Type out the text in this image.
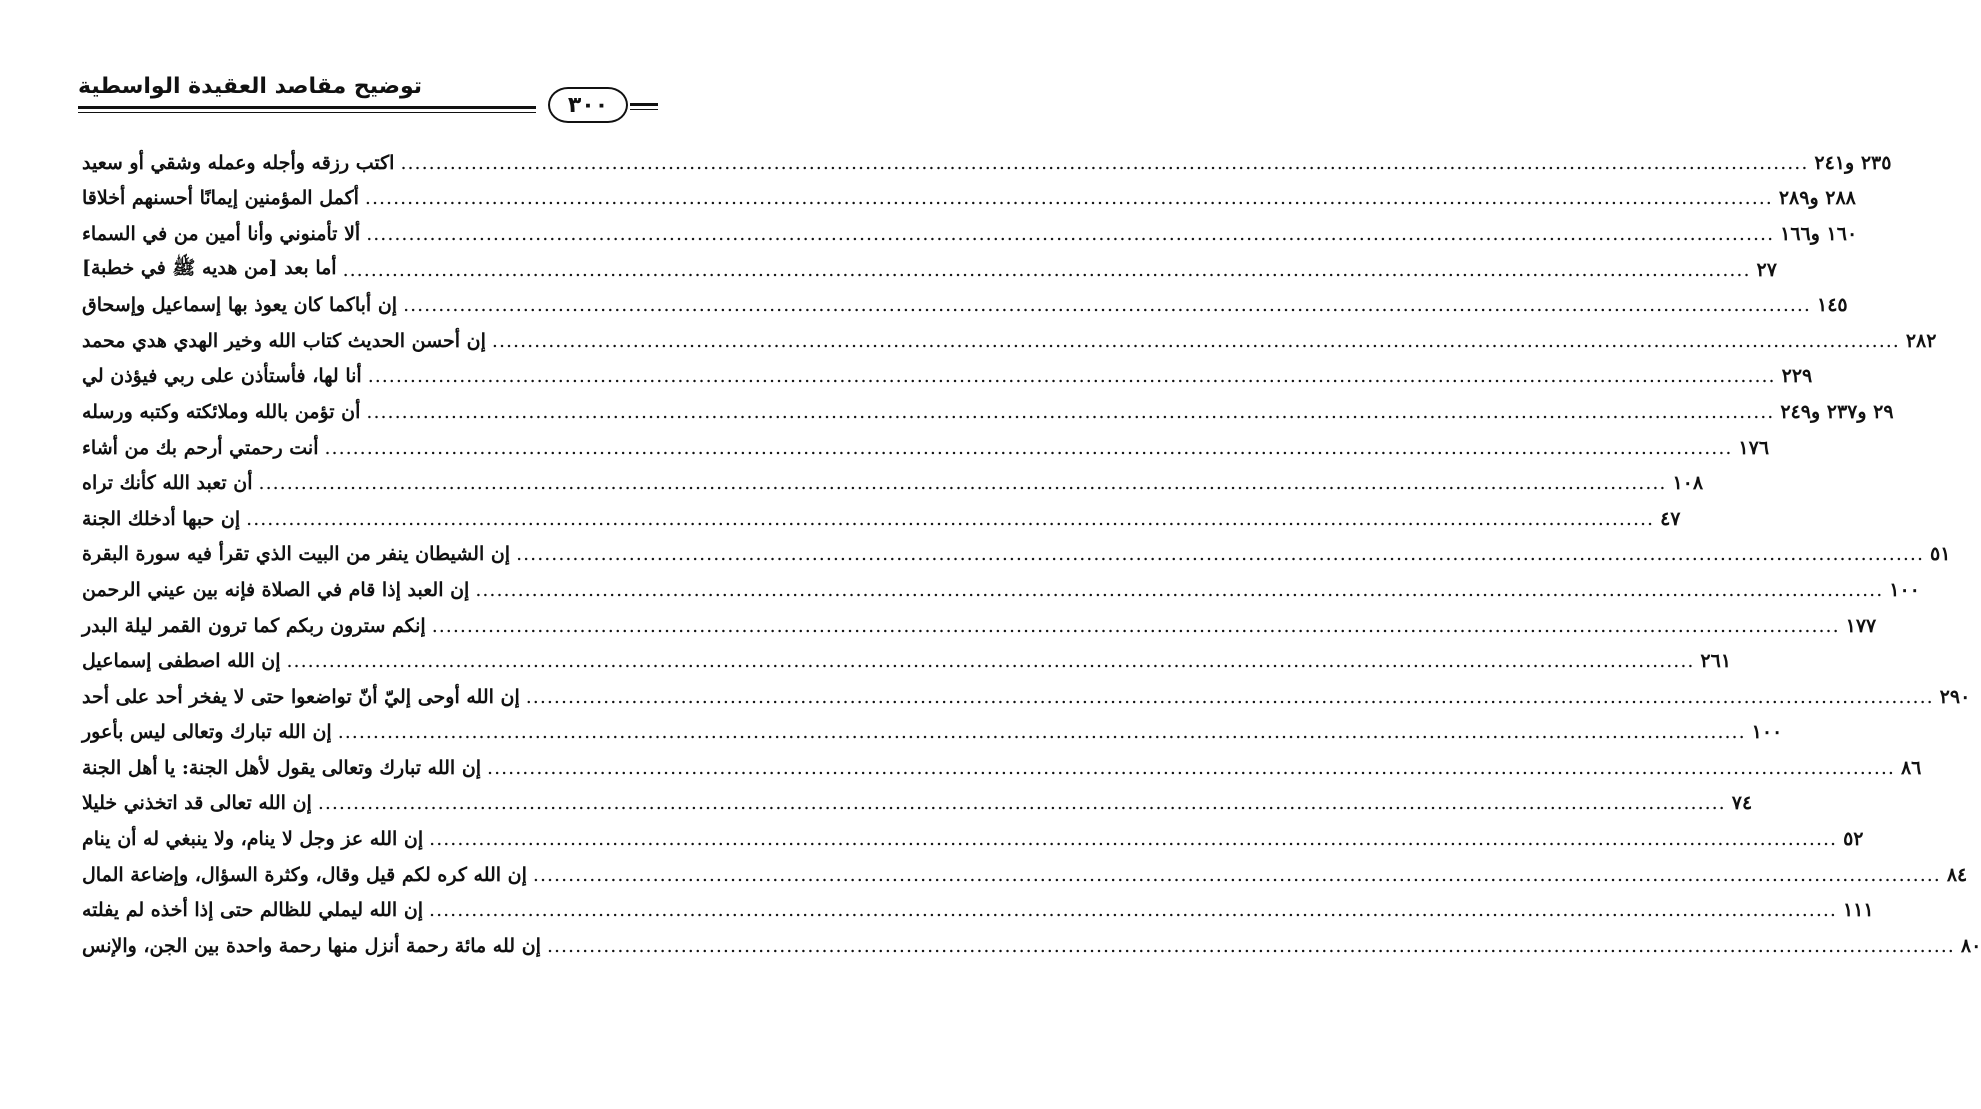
توضيح مقاصد العقيدة الواسطية
٣٠٠
اكتب رزقه وأجله وعمله وشقي أو سعيد ........................................................................................................................................................................................................ ٢٣٥ و٢٤١
أكمل المؤمنين إيمانًا أحسنهم أخلاقا ........................................................................................................................................................................................................ ٢٨٨ و٢٨٩
ألا تأمنوني وأنا أمين من في السماء ........................................................................................................................................................................................................ ١٦٠ و١٦٦
أما بعد [من هديه ﷺ في خطبة] ........................................................................................................................................................................................................ ٢٧
إن أباكما كان يعوذ بها إسماعيل وإسحاق ........................................................................................................................................................................................................ ١٤٥
إن أحسن الحديث كتاب الله وخير الهدي هدي محمد ........................................................................................................................................................................................................ ٢٨٢
أنا لها، فأستأذن على ربي فيؤذن لي ........................................................................................................................................................................................................ ٢٢٩
أن تؤمن بالله وملائكته وكتبه ورسله ........................................................................................................................................................................................................ ٢٩ و٢٣٧ و٢٤٩
أنت رحمتي أرحم بك من أشاء ........................................................................................................................................................................................................ ١٧٦
أن تعبد الله كأنك تراه ........................................................................................................................................................................................................ ١٠٨
إن حبها أدخلك الجنة ........................................................................................................................................................................................................ ٤٧
إن الشيطان ينفر من البيت الذي تقرأ فيه سورة البقرة ........................................................................................................................................................................................................ ٥١
إن العبد إذا قام في الصلاة فإنه بين عيني الرحمن ........................................................................................................................................................................................................ ١٠٠
إنكم سترون ربكم كما ترون القمر ليلة البدر ........................................................................................................................................................................................................ ١٧٧
إن الله اصطفى إسماعيل ........................................................................................................................................................................................................ ٢٦١
إن الله أوحى إليّ أنّ تواضعوا حتى لا يفخر أحد على أحد ........................................................................................................................................................................................................ ٢٩٠
إن الله تبارك وتعالى ليس بأعور ........................................................................................................................................................................................................ ١٠٠
إن الله تبارك وتعالى يقول لأهل الجنة: يا أهل الجنة ........................................................................................................................................................................................................ ٨٦
إن الله تعالى قد اتخذني خليلا ........................................................................................................................................................................................................ ٧٤
إن الله عز وجل لا ينام، ولا ينبغي له أن ينام ........................................................................................................................................................................................................ ٥٢
إن الله كره لكم قيل وقال، وكثرة السؤال، وإضاعة المال ........................................................................................................................................................................................................ ٨٤
إن الله ليملي للظالم حتى إذا أخذه لم يفلته ........................................................................................................................................................................................................ ١١١
إن لله مائة رحمة أنزل منها رحمة واحدة بين الجن، والإنس ........................................................................................................................................................................................................ ٨٠
